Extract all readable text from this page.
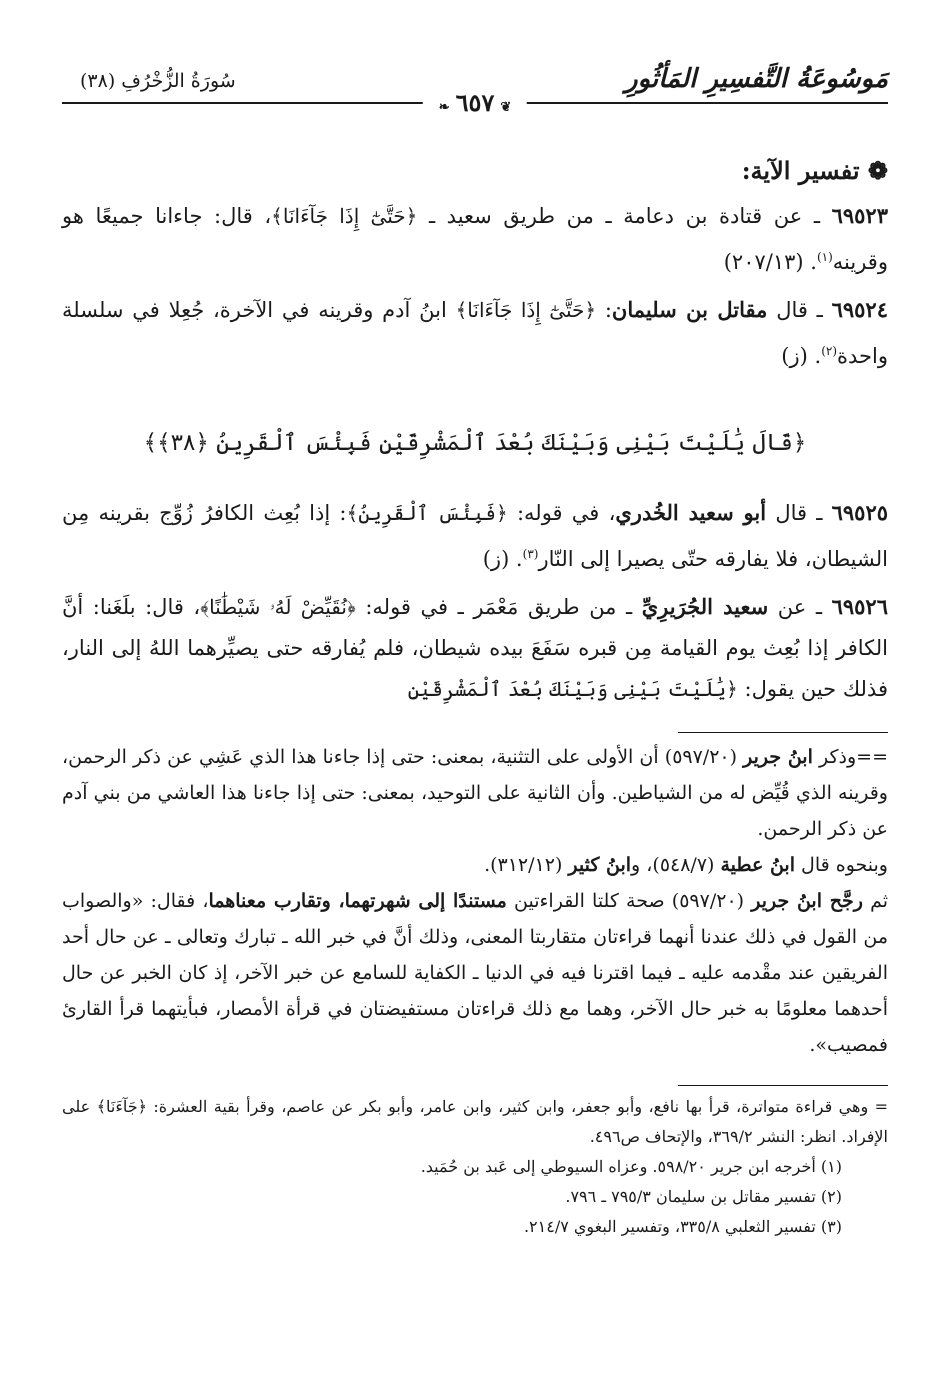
مَوسُوعَةُ التَّفسِيرِ المَأثُورِ
سُورَةُ الزُّخْرُفِ (٣٨)
❦٦٥٧❧
❁ تفسير الآية:

٦٩٥٢٣ ـ عن قتادة بن دعامة ـ من طريق سعيد ـ ﴿حَتَّىٰٓ إِذَا جَآءَانَا﴾، قال: جاءانا جميعًا هو وقرينه$^{(١)}$. (٢٠٧/١٣)

٦٩٥٢٤ ـ قال مقاتل بن سليمان: ﴿حَتَّىٰٓ إِذَا جَآءَانَا﴾ ابنُ آدم وقرينه في الآخرة، جُعِلا في سلسلة واحدة$^{(٢)}$. (ز)

﴿قَالَ يَٰلَيْتَ بَيْنِى وَبَيْنَكَ بُعْدَ ٱلْمَشْرِقَيْنِ فَبِئْسَ ٱلْقَرِينُ ﴿٣٨﴾﴾

٦٩٥٢٥ ـ قال أبو سعيد الخُدري، في قوله: ﴿فَبِئْسَ ٱلْقَرِينُ﴾: إذا بُعِث الكافرُ زُوِّج بقرينه مِن الشيطان، فلا يفارقه حتّى يصيرا إلى النّار$^{(٣)}$. (ز)

٦٩٥٢٦ ـ عن سعيد الجُرَيرِيِّ ـ من طريق مَعْمَر ـ في قوله: ﴿نُقَيِّضْ لَهُۥ شَيْطَٰنًا﴾، قال: بلَغَنا: أنَّ الكافر إذا بُعِث يوم القيامة مِن قبره سَفَعَ بيده شيطان، فلم يُفارقه حتى يصيِّرهما اللهُ إلى النار، فذلك حين يقول: ﴿يَٰلَيْتَ بَيْنِى وَبَيْنَكَ بُعْدَ ٱلْمَشْرِقَيْنِ

==وذكر ابنُ جرير (٥٩٧/٢٠) أن الأولى على التثنية، بمعنى: حتى إذا جاءنا هذا الذي عَشِي عن ذكر الرحمن، وقرينه الذي قُيِّض له من الشياطين. وأن الثانية على التوحيد، بمعنى: حتى إذا جاءنا هذا العاشي من بني آدم عن ذكر الرحمن.

وبنحوه قال ابنُ عطية (٥٤٨/٧)، وابنُ كثير (٣١٢/١٢).

ثم رجَّح ابنُ جرير (٥٩٧/٢٠) صحة كلتا القراءتين مستندًا إلى شهرتهما، وتقارب معناهما، فقال: «والصواب من القول في ذلك عندنا أنهما قراءتان متقاربتا المعنى، وذلك أنَّ في خبر الله ـ تبارك وتعالى ـ عن حال أحد الفريقين عند مقْدمه عليه ـ فيما اقترنا فيه في الدنيا ـ الكفاية للسامع عن خبر الآخر، إذ كان الخبر عن حال أحدهما معلومًا به خبر حال الآخر، وهما مع ذلك قراءتان مستفيضتان في قرأة الأمصار، فبأيتهما قرأ القارئ فمصيب».

= وهي قراءة متواترة، قرأ بها نافع، وأبو جعفر، وابن كثير، وابن عامر، وأبو بكر عن عاصم، وقرأ بقية العشرة: ﴿جَآءَنَا﴾ على الإفراد. انظر: النشر ٣٦٩/٢، والإتحاف ص٤٩٦.

(١) أخرجه ابن جرير ٥٩٨/٢٠. وعزاه السيوطي إلى عَبد بن حُمَيد.

(٢) تفسير مقاتل بن سليمان ٧٩٥/٣ ـ ٧٩٦.

(٣) تفسير الثعلبي ٣٣٥/٨، وتفسير البغوي ٢١٤/٧.
